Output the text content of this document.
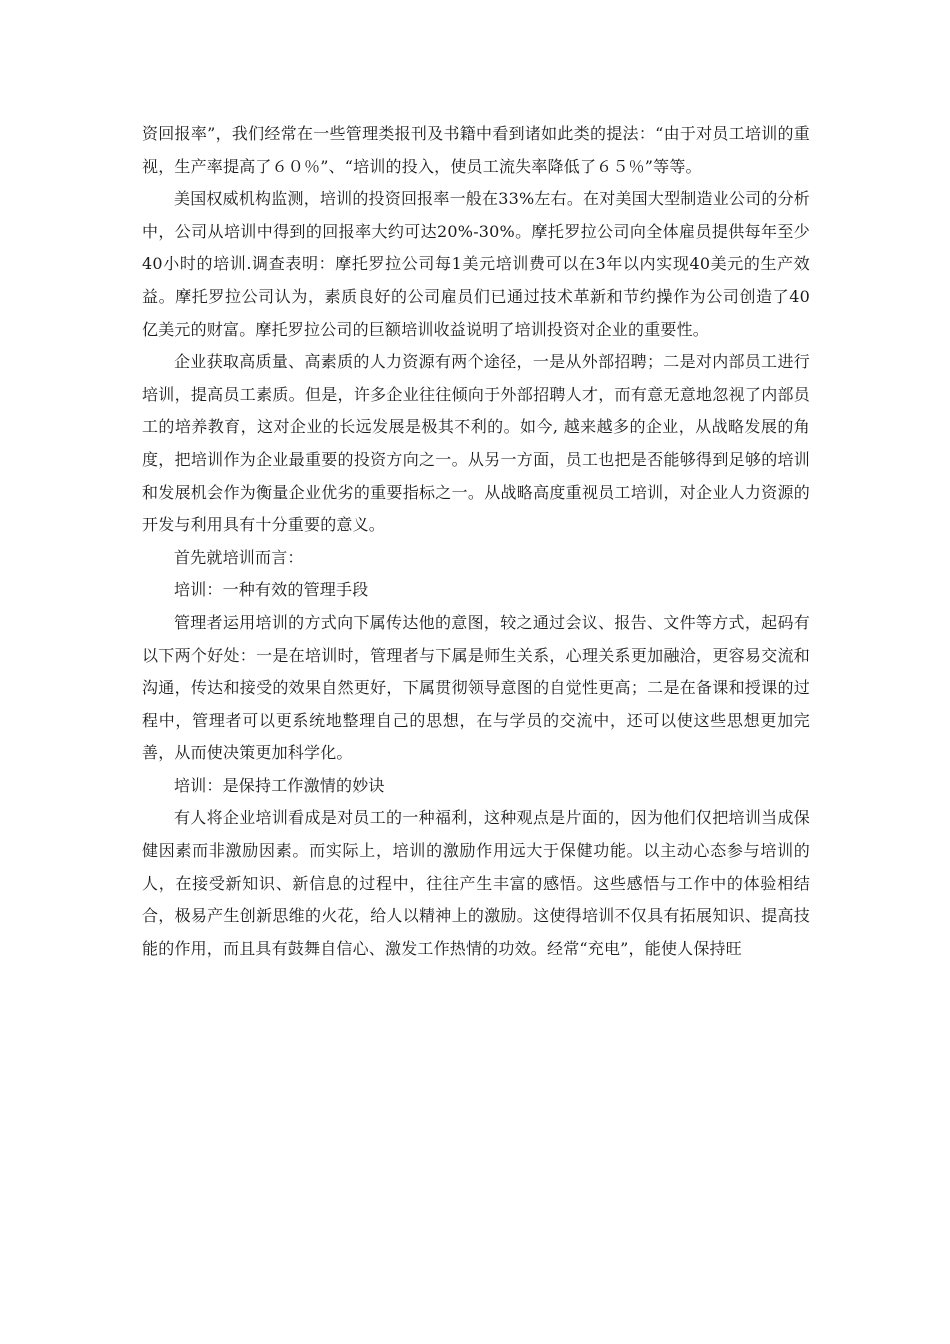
资回报率”，我们经常在一些管理类报刊及书籍中看到诸如此类的提法：“由于对员工培训的重视，生产率提高了６０％”、“培训的投入，使员工流失率降低了６５％”等等。

美国权威机构监测，培训的投资回报率一般在33%左右。在对美国大型制造业公司的分析中，公司从培训中得到的回报率大约可达20%-30%。摩托罗拉公司向全体雇员提供每年至少40小时的培训.调查表明：摩托罗拉公司每1美元培训费可以在3年以内实现40美元的生产效益。摩托罗拉公司认为，素质良好的公司雇员们已通过技术革新和节约操作为公司创造了40亿美元的财富。摩托罗拉公司的巨额培训收益说明了培训投资对企业的重要性。

企业获取高质量、高素质的人力资源有两个途径，一是从外部招聘；二是对内部员工进行培训，提高员工素质。但是，许多企业往往倾向于外部招聘人才，而有意无意地忽视了内部员工的培养教育，这对企业的长远发展是极其不利的。如今, 越来越多的企业，从战略发展的角度，把培训作为企业最重要的投资方向之一。从另一方面，员工也把是否能够得到足够的培训和发展机会作为衡量企业优劣的重要指标之一。从战略高度重视员工培训，对企业人力资源的开发与利用具有十分重要的意义。

首先就培训而言：

培训：一种有效的管理手段

管理者运用培训的方式向下属传达他的意图，较之通过会议、报告、文件等方式，起码有以下两个好处：一是在培训时，管理者与下属是师生关系，心理关系更加融洽，更容易交流和沟通，传达和接受的效果自然更好，下属贯彻领导意图的自觉性更高；二是在备课和授课的过程中，管理者可以更系统地整理自己的思想，在与学员的交流中，还可以使这些思想更加完善，从而使决策更加科学化。

培训：是保持工作激情的妙诀

有人将企业培训看成是对员工的一种福利，这种观点是片面的，因为他们仅把培训当成保健因素而非激励因素。而实际上，培训的激励作用远大于保健功能。以主动心态参与培训的人，在接受新知识、新信息的过程中，往往产生丰富的感悟。这些感悟与工作中的体验相结合，极易产生创新思维的火花，给人以精神上的激励。这使得培训不仅具有拓展知识、提高技能的作用，而且具有鼓舞自信心、激发工作热情的功效。经常“充电”，能使人保持旺
